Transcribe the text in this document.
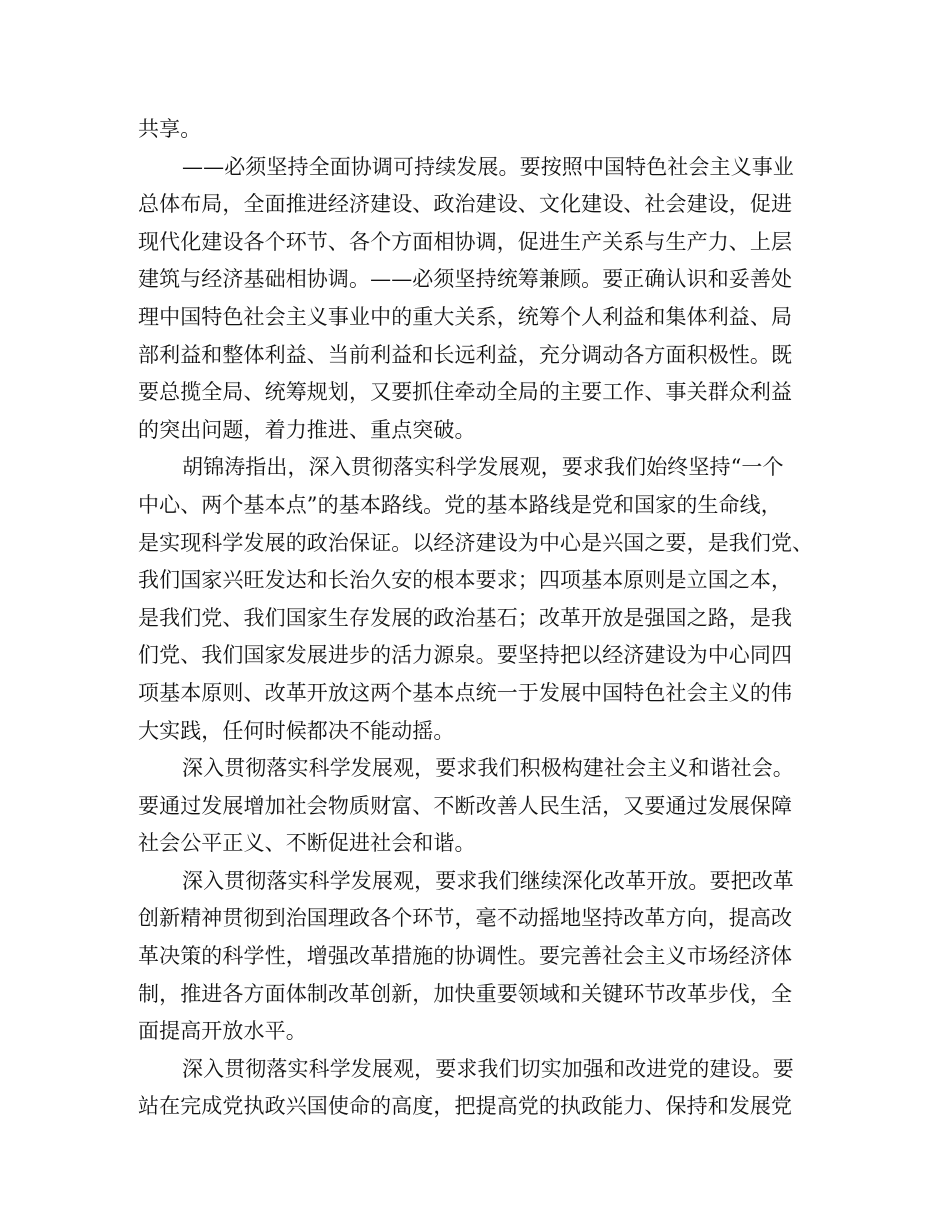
共享。
——必须坚持全面协调可持续发展。要按照中国特色社会主义事业
总体布局，全面推进经济建设、政治建设、文化建设、社会建设，促进
现代化建设各个环节、各个方面相协调，促进生产关系与生产力、上层
建筑与经济基础相协调。——必须坚持统筹兼顾。要正确认识和妥善处
理中国特色社会主义事业中的重大关系，统筹个人利益和集体利益、局
部利益和整体利益、当前利益和长远利益，充分调动各方面积极性。既
要总揽全局、统筹规划，又要抓住牵动全局的主要工作、事关群众利益
的突出问题，着力推进、重点突破。
胡锦涛指出，深入贯彻落实科学发展观，要求我们始终坚持“一个
中心、两个基本点”的基本路线。党的基本路线是党和国家的生命线，
是实现科学发展的政治保证。以经济建设为中心是兴国之要，是我们党、
我们国家兴旺发达和长治久安的根本要求；四项基本原则是立国之本，
是我们党、我们国家生存发展的政治基石；改革开放是强国之路，是我
们党、我们国家发展进步的活力源泉。要坚持把以经济建设为中心同四
项基本原则、改革开放这两个基本点统一于发展中国特色社会主义的伟
大实践，任何时候都决不能动摇。
深入贯彻落实科学发展观，要求我们积极构建社会主义和谐社会。
要通过发展增加社会物质财富、不断改善人民生活，又要通过发展保障
社会公平正义、不断促进社会和谐。
深入贯彻落实科学发展观，要求我们继续深化改革开放。要把改革
创新精神贯彻到治国理政各个环节，毫不动摇地坚持改革方向，提高改
革决策的科学性，增强改革措施的协调性。要完善社会主义市场经济体
制，推进各方面体制改革创新，加快重要领域和关键环节改革步伐，全
面提高开放水平。
深入贯彻落实科学发展观，要求我们切实加强和改进党的建设。要
站在完成党执政兴国使命的高度，把提高党的执政能力、保持和发展党
